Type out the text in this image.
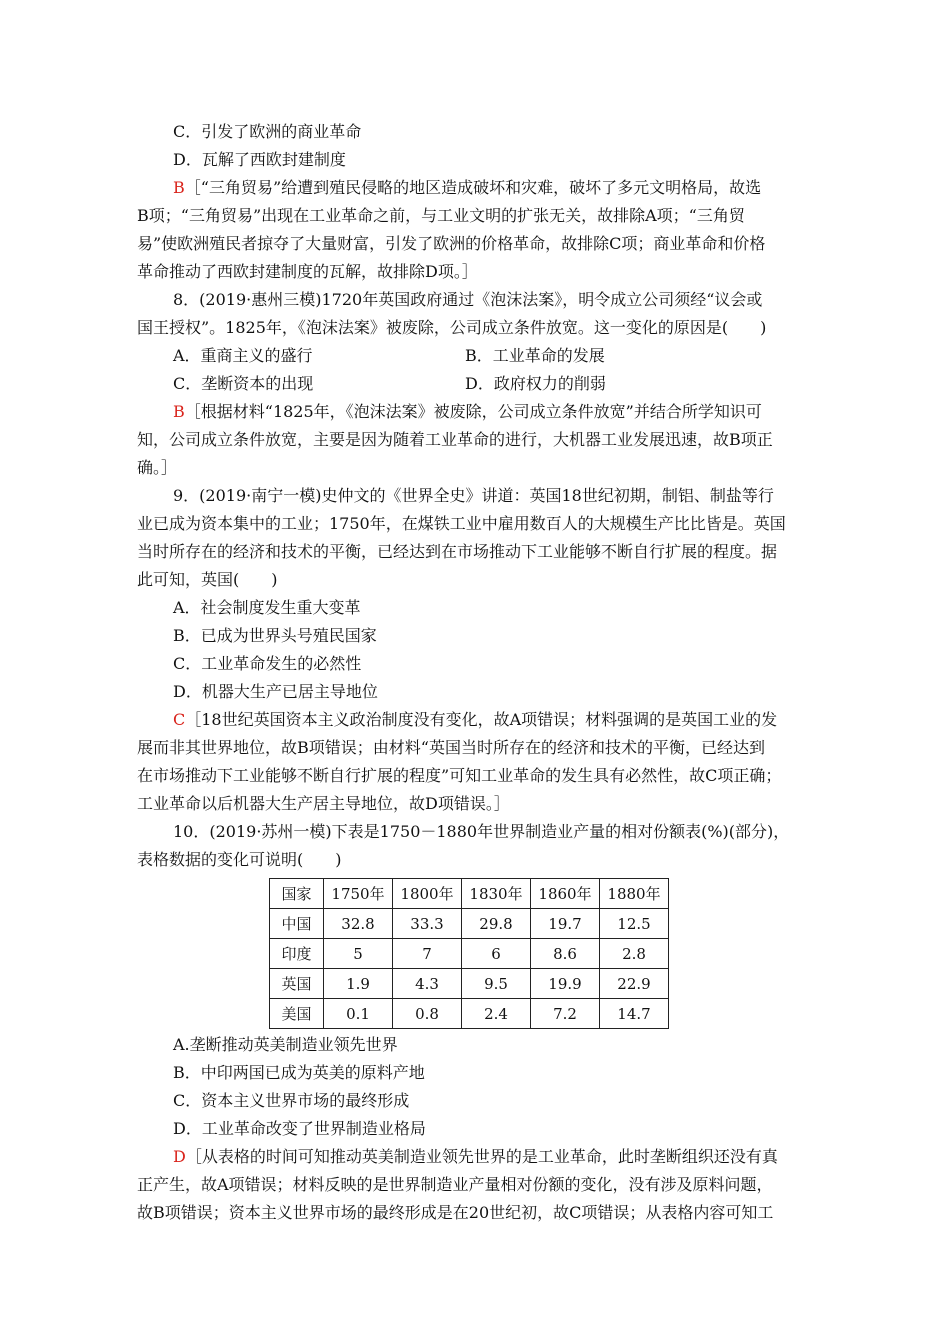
C．引发了欧洲的商业革命
D．瓦解了西欧封建制度
B［“三角贸易”给遭到殖民侵略的地区造成破坏和灾难，破坏了多元文明格局，故选
B项；“三角贸易”出现在工业革命之前，与工业文明的扩张无关，故排除A项；“三角贸
易”使欧洲殖民者掠夺了大量财富，引发了欧洲的价格革命，故排除C项；商业革命和价格
革命推动了西欧封建制度的瓦解，故排除D项。］
8．(2019·惠州三模)1720年英国政府通过《泡沫法案》，明令成立公司须经“议会或
国王授权”。1825年，《泡沫法案》被废除，公司成立条件放宽。这一变化的原因是(　　)
A．重商主义的盛行	B．工业革命的发展
C．垄断资本的出现	D．政府权力的削弱
B［根据材料“1825年，《泡沫法案》被废除，公司成立条件放宽”并结合所学知识可
知，公司成立条件放宽，主要是因为随着工业革命的进行，大机器工业发展迅速，故B项正
确。］
9．(2019·南宁一模)史仲文的《世界全史》讲道：英国18世纪初期，制铝、制盐等行
业已成为资本集中的工业；1750年，在煤铁工业中雇用数百人的大规模生产比比皆是。英国
当时所存在的经济和技术的平衡，已经达到在市场推动下工业能够不断自行扩展的程度。据
此可知，英国(　　)
A．社会制度发生重大变革
B．已成为世界头号殖民国家
C．工业革命发生的必然性
D．机器大生产已居主导地位
C［18世纪英国资本主义政治制度没有变化，故A项错误；材料强调的是英国工业的发
展而非其世界地位，故B项错误；由材料“英国当时所存在的经济和技术的平衡，已经达到
在市场推动下工业能够不断自行扩展的程度”可知工业革命的发生具有必然性，故C项正确；
工业革命以后机器大生产居主导地位，故D项错误。］
10．(2019·苏州一模)下表是1750－1880年世界制造业产量的相对份额表(%)(部分)，
表格数据的变化可说明(　　)
国家	1750年	1800年	1830年	1860年	1880年
中国	32.8	33.3	29.8	19.7	12.5
印度	5	7	6	8.6	2.8
英国	1.9	4.3	9.5	19.9	22.9
美国	0.1	0.8	2.4	7.2	14.7
A.垄断推动英美制造业领先世界
B．中印两国已成为英美的原料产地
C．资本主义世界市场的最终形成
D．工业革命改变了世界制造业格局
D［从表格的时间可知推动英美制造业领先世界的是工业革命，此时垄断组织还没有真
正产生，故A项错误；材料反映的是世界制造业产量相对份额的变化，没有涉及原料问题，
故B项错误；资本主义世界市场的最终形成是在20世纪初，故C项错误；从表格内容可知工
